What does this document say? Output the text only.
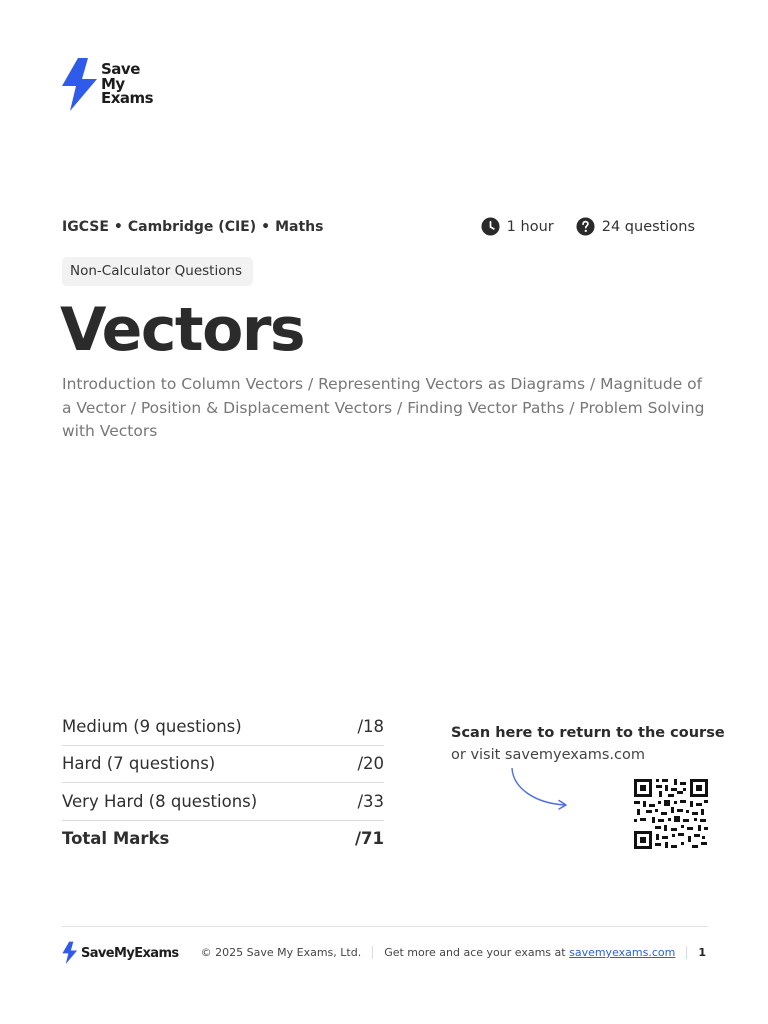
Save
My
Exams
IGCSE • Cambridge (CIE) • Maths	1 hour	24 questions
Non-Calculator Questions
Vectors
Introduction to Column Vectors / Representing Vectors as Diagrams / Magnitude of a Vector / Position & Displacement Vectors / Finding Vector Paths / Problem Solving with Vectors
Medium (9 questions)	/18
Hard (7 questions)	/20
Very Hard (8 questions)	/33
Total Marks	/71
Scan here to return to the course
or visit savemyexams.com
SaveMyExams © 2025 Save My Exams, Ltd. Get more and ace your exams at savemyexams.com 1
